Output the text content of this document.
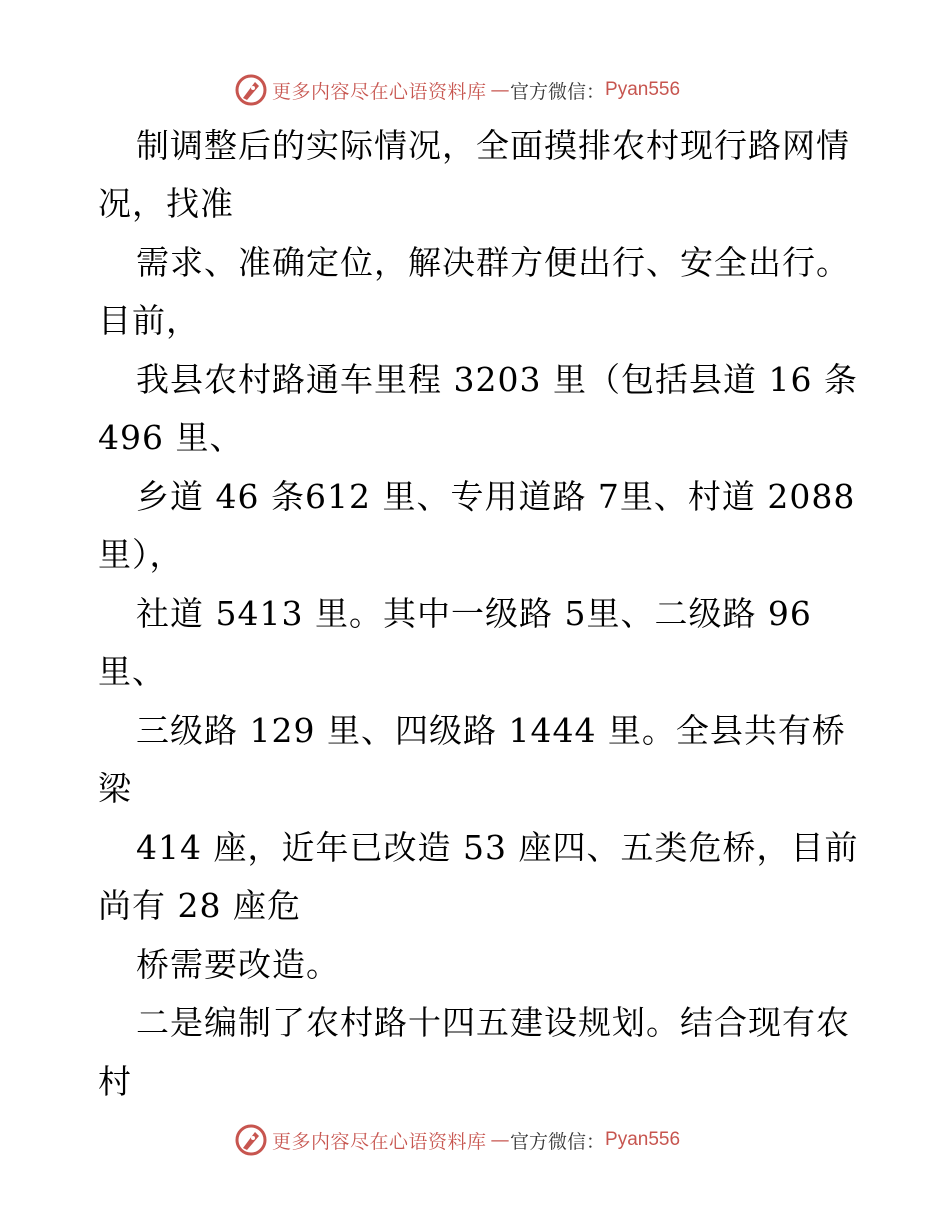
更多内容尽在心语资料库 — 官方微信： Pyan556
制调整后的实际情况，全面摸排农村现行路网情
况，找准
需求、准确定位，解决群方便出行、安全出行。
目前，
我县农村路通车里程 3203 里（包括县道 16 条
496 里、
乡道 46 条612 里、专用道路 7里、村道 2088
里），
社道 5413 里。其中一级路 5里、二级路 96
里、
三级路 129 里、四级路 1444 里。全县共有桥
梁
414 座，近年已改造 53 座四、五类危桥，目前
尚有 28 座危
桥需要改造。
二是编制了农村路十四五建设规划。结合现有农
村
更多内容尽在心语资料库 — 官方微信： Pyan556
